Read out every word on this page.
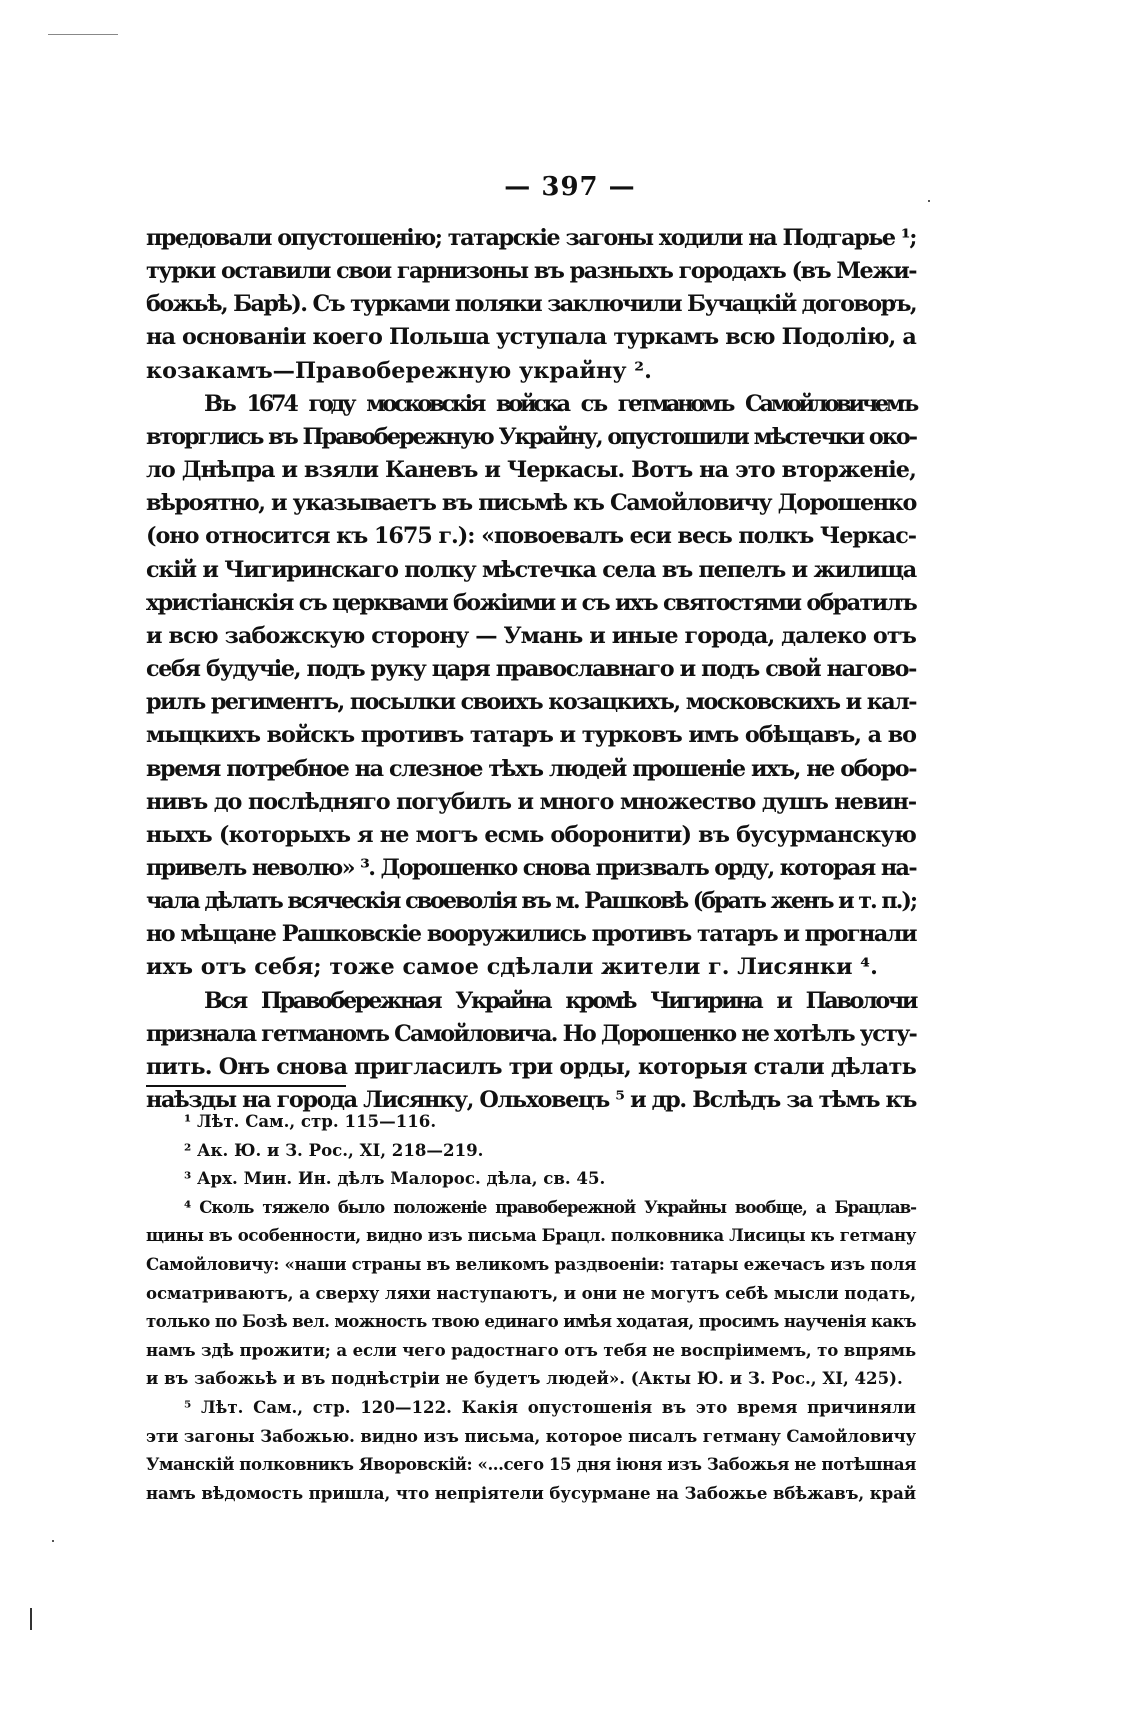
— 397 —
предовали опустошенію; татарскіе загоны ходили на Подгарье ¹;
турки оставили свои гарнизоны въ разныхъ городахъ (въ Межи-
божьѣ, Барѣ). Съ турками поляки заключили Бучацкій договоръ,
на основаніи коего Польша уступала туркамъ всю Подолію, а
козакамъ—Правобережную украйну ².
Въ 1674 году московскія войска съ гетманомъ Самойловичемъ
вторглись въ Правобережную Украйну, опустошили мѣстечки око-
ло Днѣпра и взяли Каневъ и Черкасы. Вотъ на это вторженіе,
вѣроятно, и указываетъ въ письмѣ къ Самойловичу Дорошенко
(оно относится къ 1675 г.): «повоевалъ еси весь полкъ Черкас-
скій и Чигиринскаго полку мѣстечка села въ пепелъ и жилища
христіанскія съ церквами божіими и съ ихъ святостями обратилъ
и всю забожскую сторону — Умань и иные города, далеко отъ
себя будучіе, подъ руку царя православнаго и подъ свой нагово-
рилъ региментъ, посылки своихъ козацкихъ, московскихъ и кал-
мыцкихъ войскъ противъ татаръ и турковъ имъ обѣщавъ, а во
время потребное на слезное тѣхъ людей прошеніе ихъ, не оборо-
нивъ до послѣдняго погубилъ и много множество душъ невин-
ныхъ (которыхъ я не могъ есмь оборонити) въ бусурманскую
привелъ неволю» ³. Дорошенко снова призвалъ орду, которая на-
чала дѣлать всяческія своеволія въ м. Рашковѣ (брать женъ и т. п.);
но мѣщане Рашковскіе вооружились противъ татаръ и прогнали
ихъ отъ себя; тоже самое сдѣлали жители г. Лисянки ⁴.
Вся Правобережная Украйна кромѣ Чигирина и Паволочи
признала гетманомъ Самойловича. Но Дорошенко не хотѣлъ усту-
пить. Онъ снова пригласилъ три орды, которыя стали дѣлать
наѣзды на города Лисянку, Ольховецъ ⁵ и др. Вслѣдъ за тѣмъ къ
¹ Лѣт. Сам., стр. 115—116.
² Ак. Ю. и З. Рос., XI, 218—219.
³ Арх. Мин. Ин. дѣлъ Малорос. дѣла, св. 45.
⁴ Сколь тяжело было положеніе правобережной Украйны вообще, а Брацлав-
щины въ особенности, видно изъ письма Брацл. полковника Лисицы къ гетману
Самойловичу: «наши страны въ великомъ раздвоеніи: татары ежечасъ изъ поля
осматриваютъ, а сверху ляхи наступаютъ, и они не могутъ себѣ мысли подать,
только по Бозѣ вел. можность твою единаго имѣя ходатая, просимъ наученія какъ
намъ здѣ прожити; а если чего радостнаго отъ тебя не воспріимемъ, то впрямь
и въ забожьѣ и въ поднѣстріи не будетъ людей». (Акты Ю. и З. Рос., XI, 425).
⁵ Лѣт. Сам., стр. 120—122. Какія опустошенія въ это время причиняли
эти загоны Забожью. видно изъ письма, которое писалъ гетману Самойловичу
Уманскій полковникъ Яворовскій: «...сего 15 дня іюня изъ Забожья не потѣшная
намъ вѣдомость пришла, что непріятели бусурмане на Забожье вбѣжавъ, край
